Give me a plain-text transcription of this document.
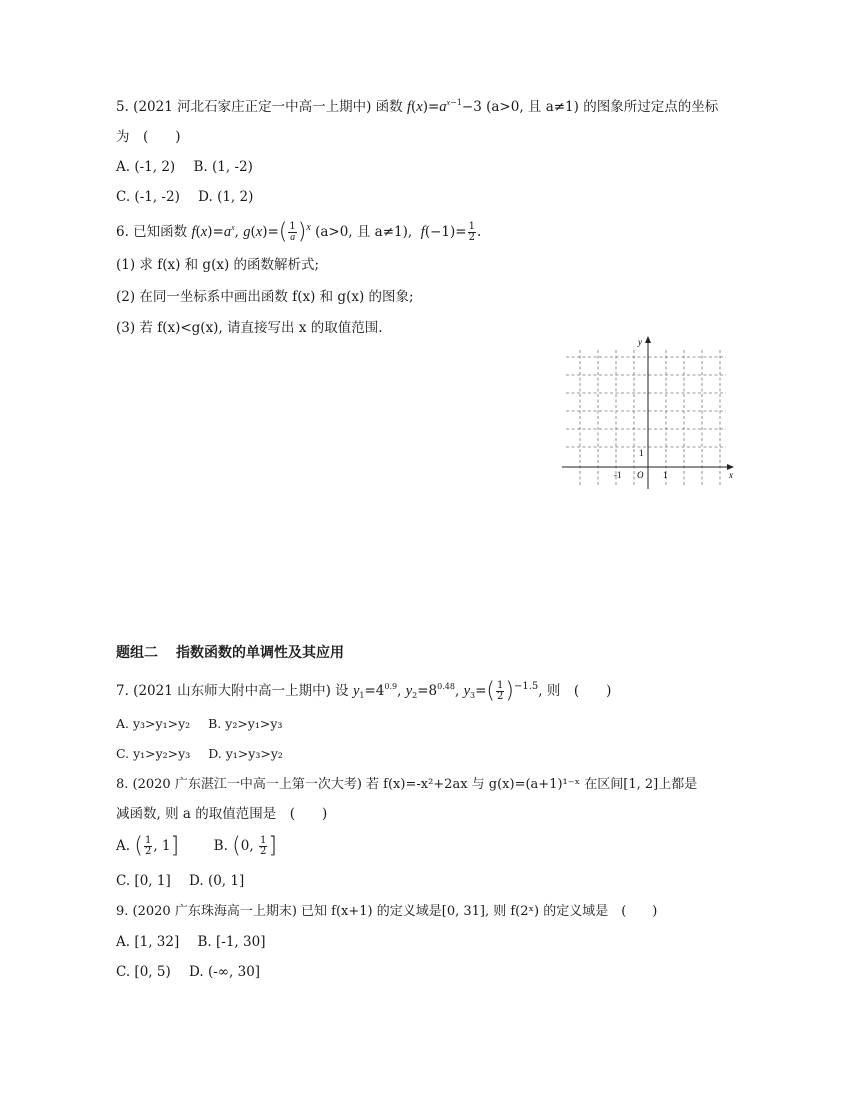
5. (2021 河北石家庄正定一中高一上期中) 函数 $f(x)=a^{x-1}-3$ (a>0, 且 a≠1) 的图象所过定点的坐标
为　(　　)
A. (-1, 2) B. (1, -2)
C. (-1, -2) D. (1, 2)
6. 已知函数 $f(x)=a^x$, $g(x)=( \frac{1}{a} )^x$ (a>0, 且 a≠1), $f(-1)= \frac{1}{2}$ .
(1) 求 f(x) 和 g(x) 的函数解析式;
(2) 在同一坐标系中画出函数 f(x) 和 g(x) 的图象;
(3) 若 f(x)<g(x), 请直接写出 x 的取值范围.
y
x
O
-1	1
1
题组二 指数函数的单调性及其应用
7. (2021 山东师大附中高一上期中) 设 $y_1=4^{0.9}$, $y_2=8^{0.48}$, $y_3=( \frac{1}{2} )^{-1.5}$, 则　(　　)
A. y₃>y₁>y₂ B. y₂>y₁>y₃
C. y₁>y₂>y₃ D. y₁>y₃>y₂
8. (2020 广东湛江一中高一上第一次大考) 若 f(x)=-x²+2ax 与 g(x)=(a+1)¹⁻ˣ 在区间[1, 2]上都是
减函数, 则 a 的取值范围是　(　　)
A. ( $\frac{1}{2}$ , 1]	B. (0, $\frac{1}{2}$ ]
C. [0, 1] D. (0, 1]
9. (2020 广东珠海高一上期末) 已知 f(x+1) 的定义域是[0, 31], 则 f(2ˣ) 的定义域是　(　　)
A. [1, 32] B. [-1, 30]
C. [0, 5) D. (-∞, 30]
